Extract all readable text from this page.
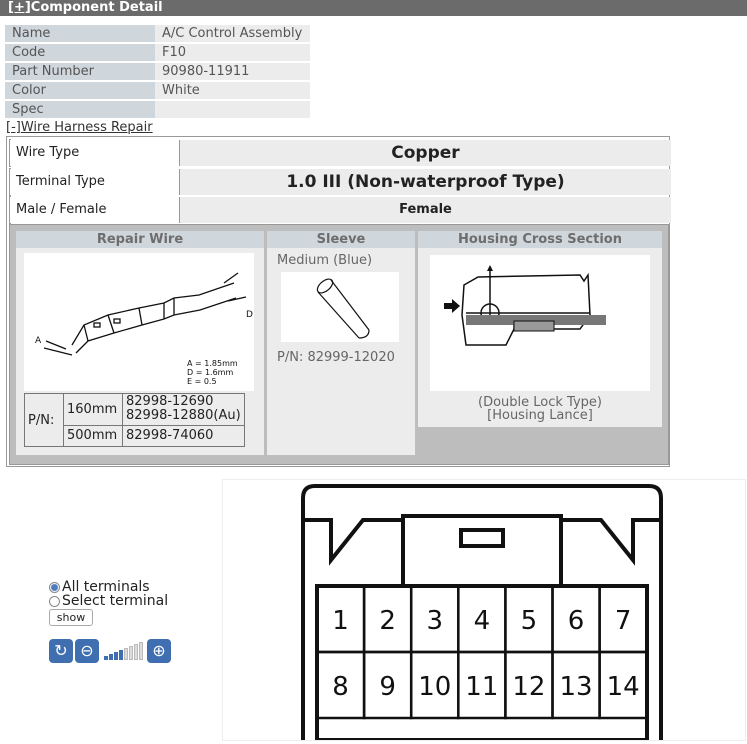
[+]Component Detail
Name	A/C Control Assembly
Code	F10
Part Number	90980-11911
Color	White
Spec	
[-]Wire Harness Repair
Wire Type	Copper
Terminal Type	1.0 III (Non-waterproof Type)
Male / Female	Female
Repair Wire
A
D
A = 1.85mm
D = 1.6mm
E = 0.5
P/N:	160mm	82998-12690
82998-12880(Au)

	500mm	82998-74060
Sleeve
Medium (Blue)
P/N: 82999-12020
Housing Cross Section
(Double Lock Type)
[Housing Lance]
All terminals
Select terminal
show
↻ ⊖	⊕
1 2 3 4 5 6 7
8 9 10 11 12 13 14
